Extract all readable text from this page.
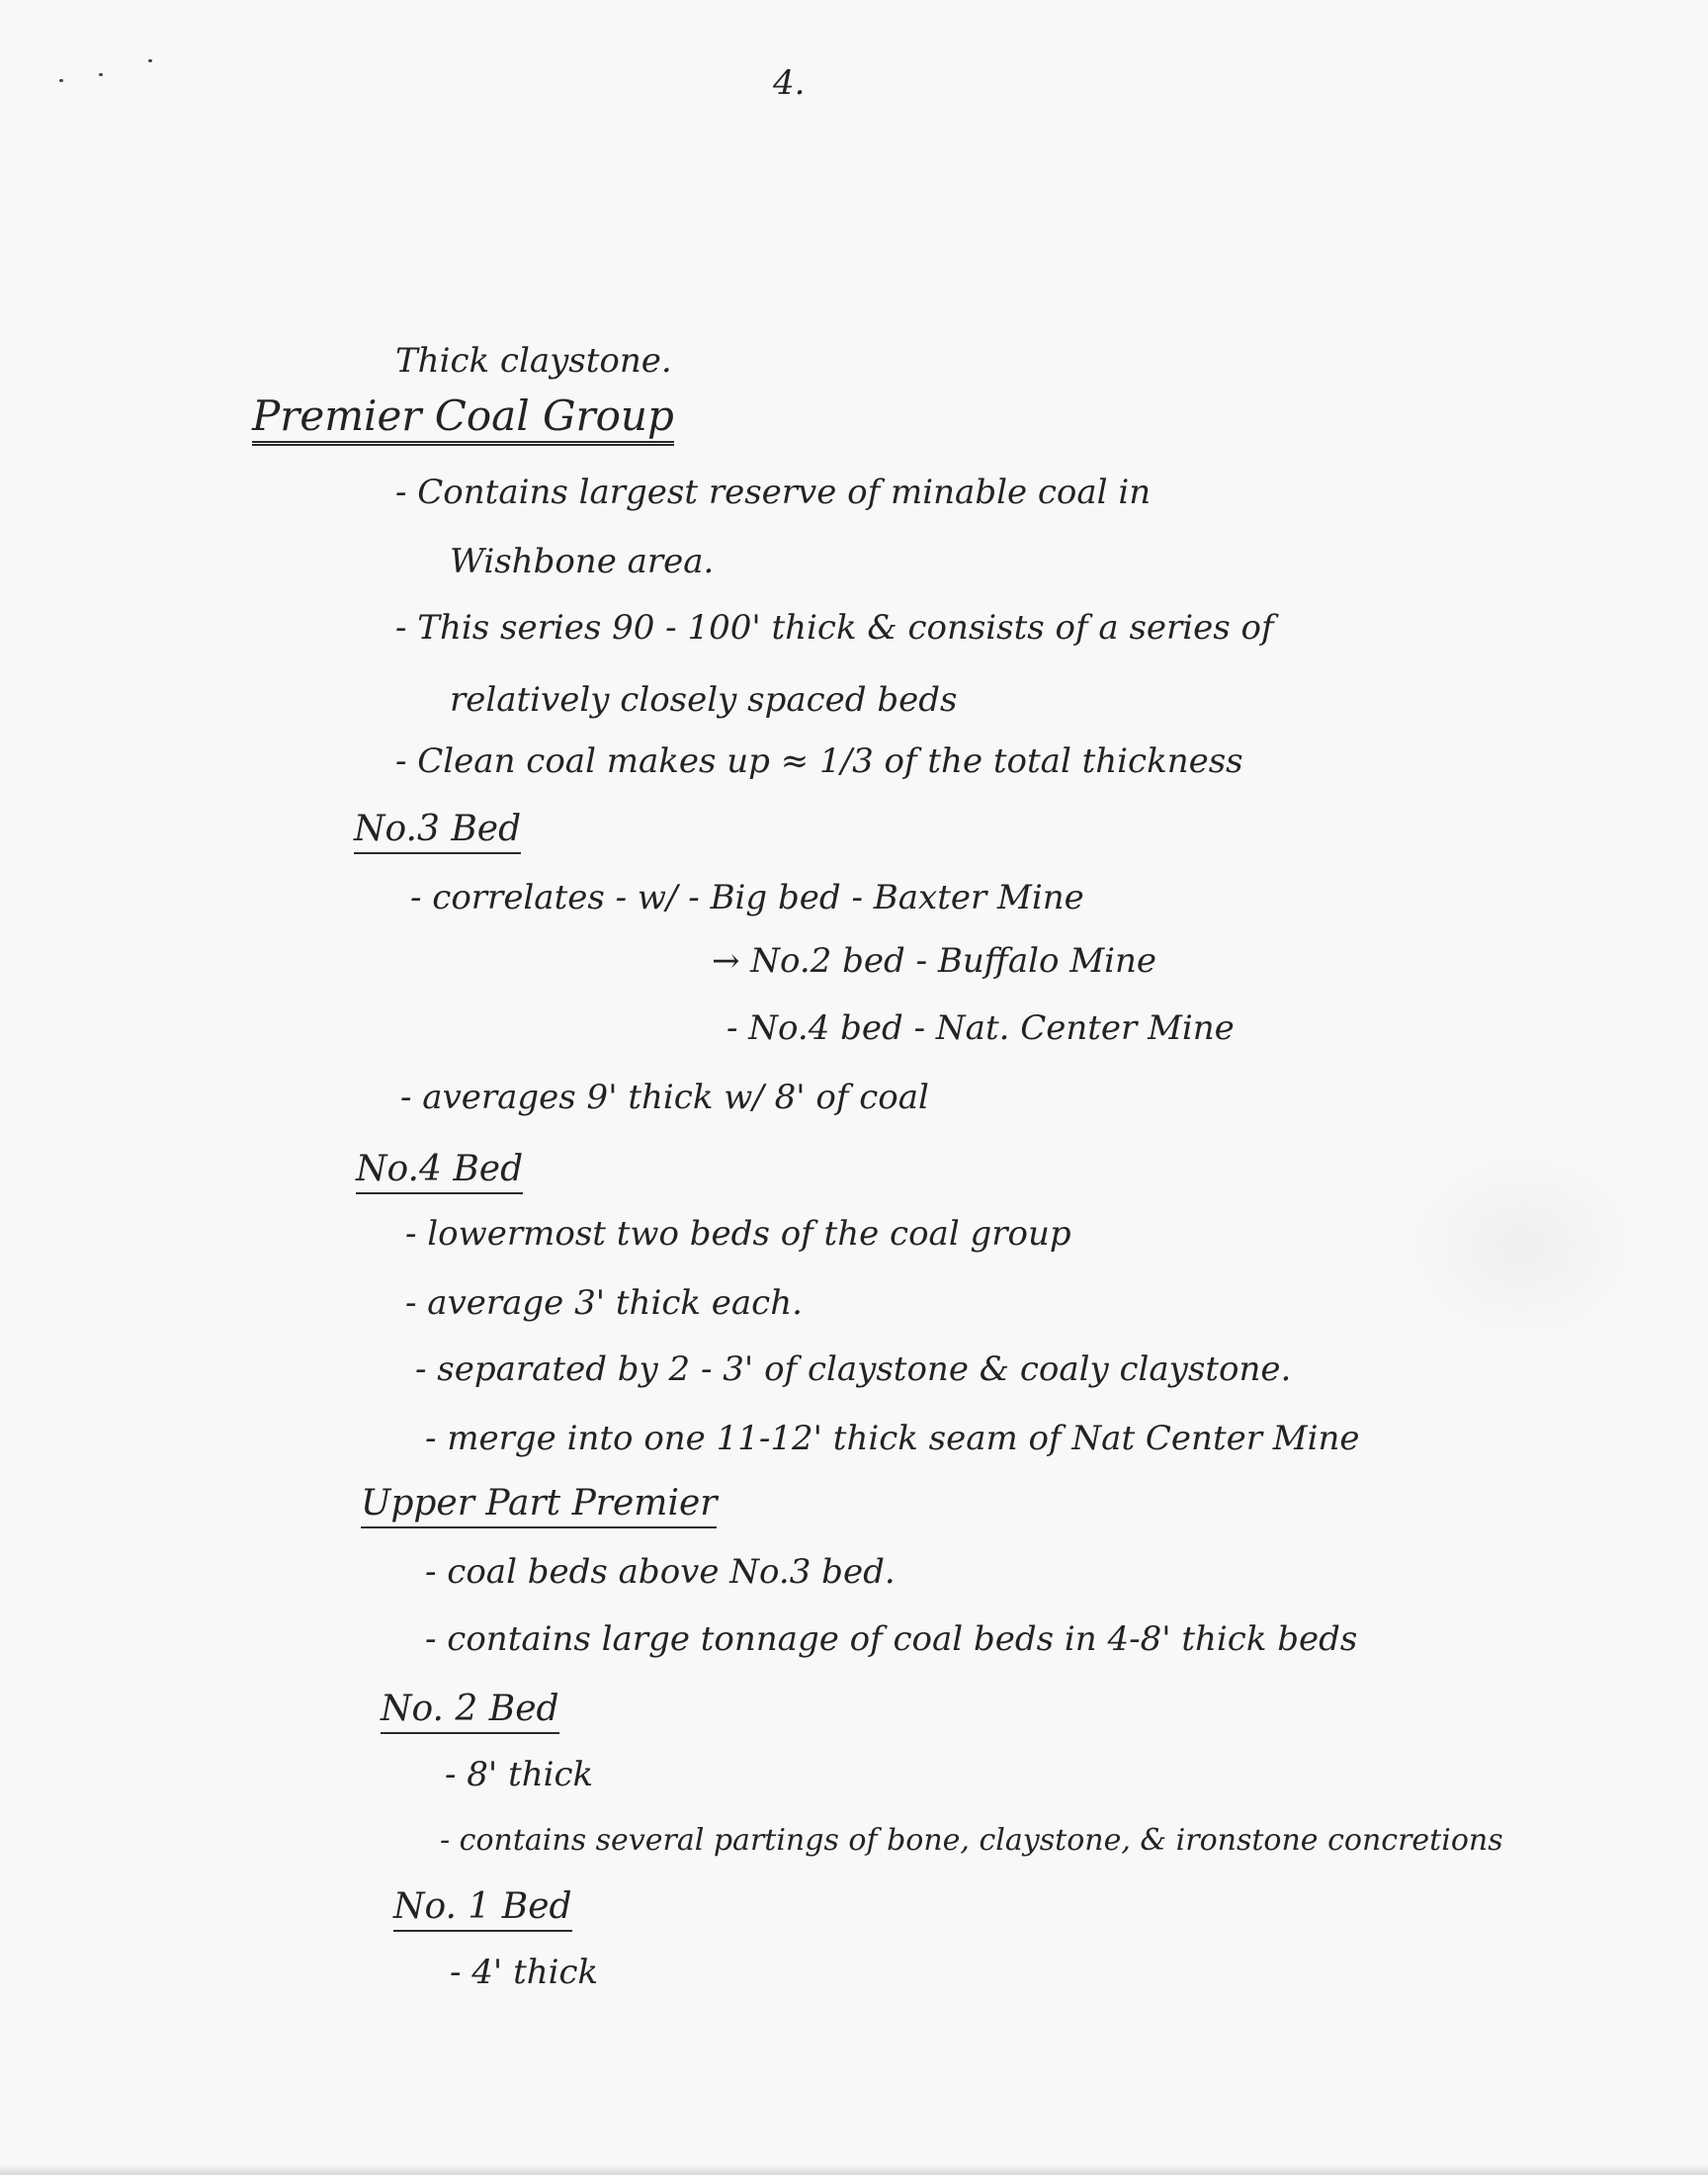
4.
Thick claystone.
Premier Coal Group
- Contains largest reserve of minable coal in
Wishbone area.
- This series 90 - 100' thick & consists of a series of
relatively closely spaced beds
- Clean coal makes up ≈ 1/3 of the total thickness
No.3 Bed
- correlates - w/ - Big bed - Baxter Mine
→ No.2 bed - Buffalo Mine
- No.4 bed - Nat. Center Mine
- averages 9' thick w/ 8' of coal
No.4 Bed
- lowermost two beds of the coal group
- average 3' thick each.
- separated by 2 - 3' of claystone & coaly claystone.
- merge into one 11-12' thick seam of Nat Center Mine
Upper Part Premier
- coal beds above No.3 bed.
- contains large tonnage of coal beds in 4-8' thick beds
No. 2 Bed
- 8' thick
- contains several partings of bone, claystone, & ironstone concretions
No. 1 Bed
- 4' thick
